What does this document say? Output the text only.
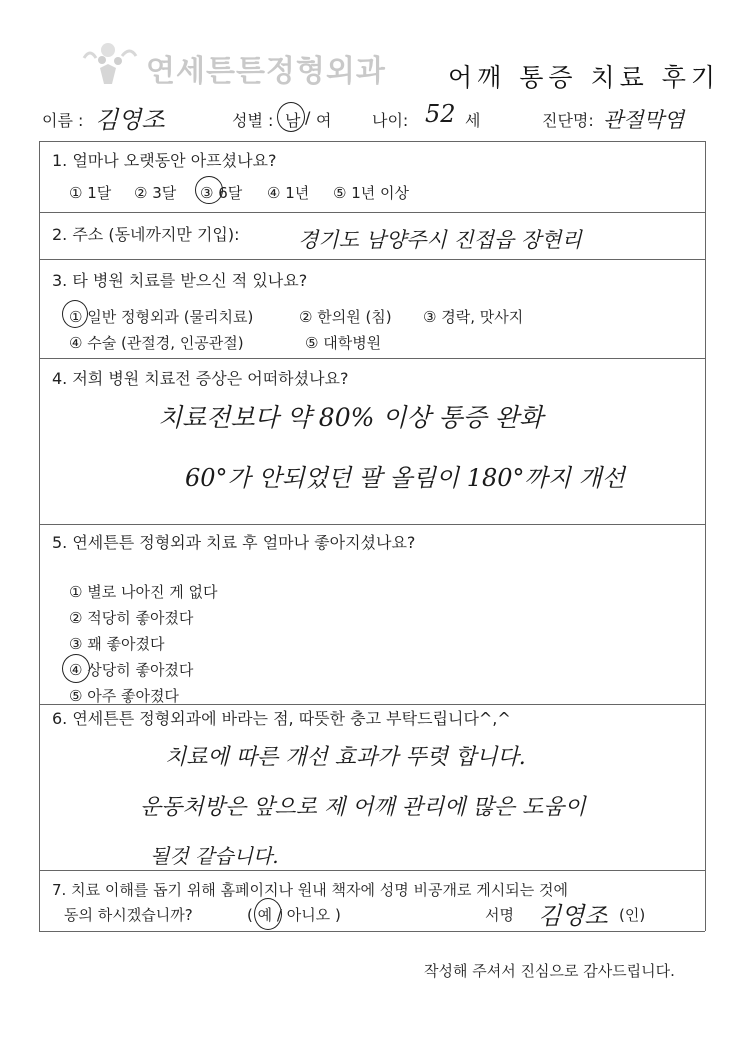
연세튼튼정형외과 어깨 통증 치료 후기
이름 : 김영조	성별 : 남 / 여	나이: 52 세	진단명: 관절막염
1. 얼마나 오랫동안 아프셨나요?
① 1달 ② 3달 ③ 6달 ④ 1년 ⑤ 1년 이상
2. 주소 (동네까지만 기입):	경기도 남양주시 진접읍 장현리
3. 타 병원 치료를 받으신 적 있나요?
① 일반 정형외과 (물리치료)	② 한의원 (침) ③ 경락, 맛사지
④ 수술 (관절경, 인공관절)	⑤ 대학병원
4. 저희 병원 치료전 증상은 어떠하셨나요?
치료전보다 약 80% 이상 통증 완화
60°가 안되었던 팔 올림이 180°까지 개선
5. 연세튼튼 정형외과 치료 후 얼마나 좋아지셨나요?
① 별로 나아진 게 없다
② 적당히 좋아졌다
③ 꽤 좋아졌다
④ 상당히 좋아졌다
⑤ 아주 좋아졌다
6. 연세튼튼 정형외과에 바라는 점, 따뜻한 충고 부탁드립니다^,^
치료에 따른 개선 효과가 뚜렷 합니다.
운동처방은 앞으로 제 어깨 관리에 많은 도움이
될것 같습니다.
7. 치료 이해를 돕기 위해 홈페이지나 원내 책자에 성명 비공개로 게시되는 것에
동의 하시겠습니까?	( 예 / 아니오 )	서명 김영조 (인)
작성해 주셔서 진심으로 감사드립니다.
